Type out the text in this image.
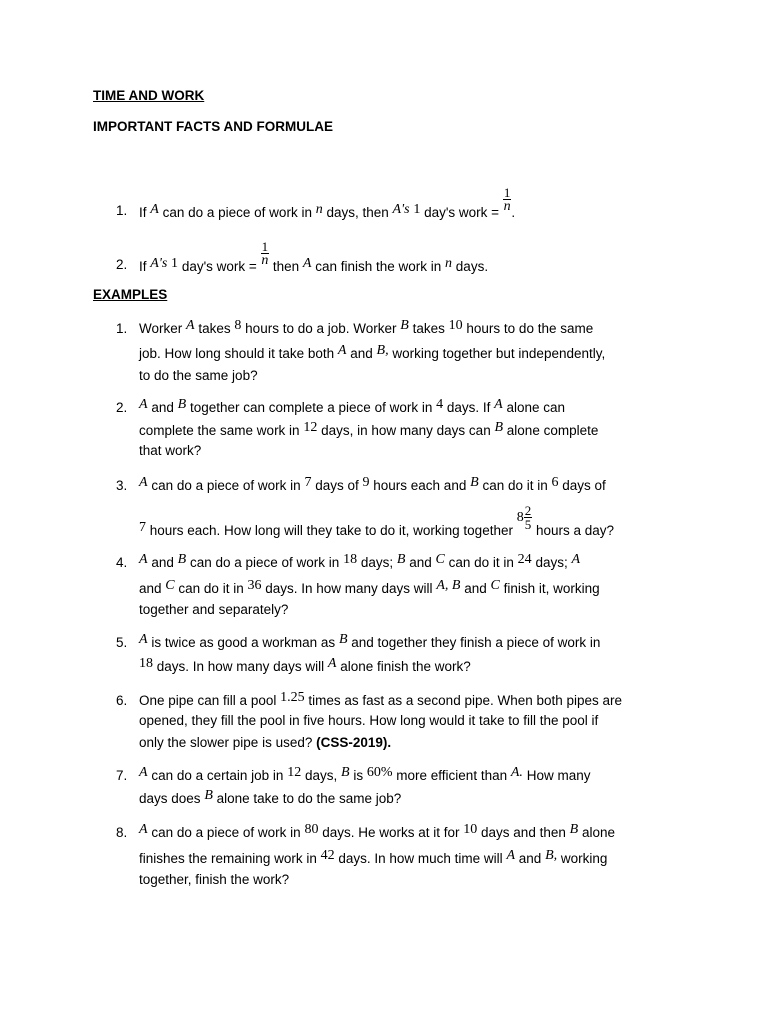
TIME AND WORK
IMPORTANT FACTS AND FORMULAE
1. If A can do a piece of work in n days, then A's 1 day's work = $\frac{1}{n}$ .
2. If A's 1 day's work = $\frac{1}{n}$ then A can finish the work in n days.
EXAMPLES
1. Worker A takes 8 hours to do a job. Worker B takes 10 hours to do the same
job. How long should it take both A and B, working together but independently,
to do the same job?
2. A and B together can complete a piece of work in 4 days. If A alone can
complete the same work in 12 days, in how many days can B alone complete
that work?
3. A can do a piece of work in 7 days of 9 hours each and B can do it in 6 days of
7 hours each. How long will they take to do it, working together $8 \frac{2}{5}$ hours a day?
4. A and B can do a piece of work in 18 days; B and C can do it in 24 days; A
and C can do it in 36 days. In how many days will A, B and C finish it, working
together and separately?
5. A is twice as good a workman as B and together they finish a piece of work in
18 days. In how many days will A alone finish the work?
6. One pipe can fill a pool 1.25 times as fast as a second pipe. When both pipes are
opened, they fill the pool in five hours. How long would it take to fill the pool if
only the slower pipe is used? (CSS-2019).
7. A can do a certain job in 12 days, B is 60% more efficient than A. How many
days does B alone take to do the same job?
8. A can do a piece of work in 80 days. He works at it for 10 days and then B alone
finishes the remaining work in 42 days. In how much time will A and B, working
together, finish the work?
